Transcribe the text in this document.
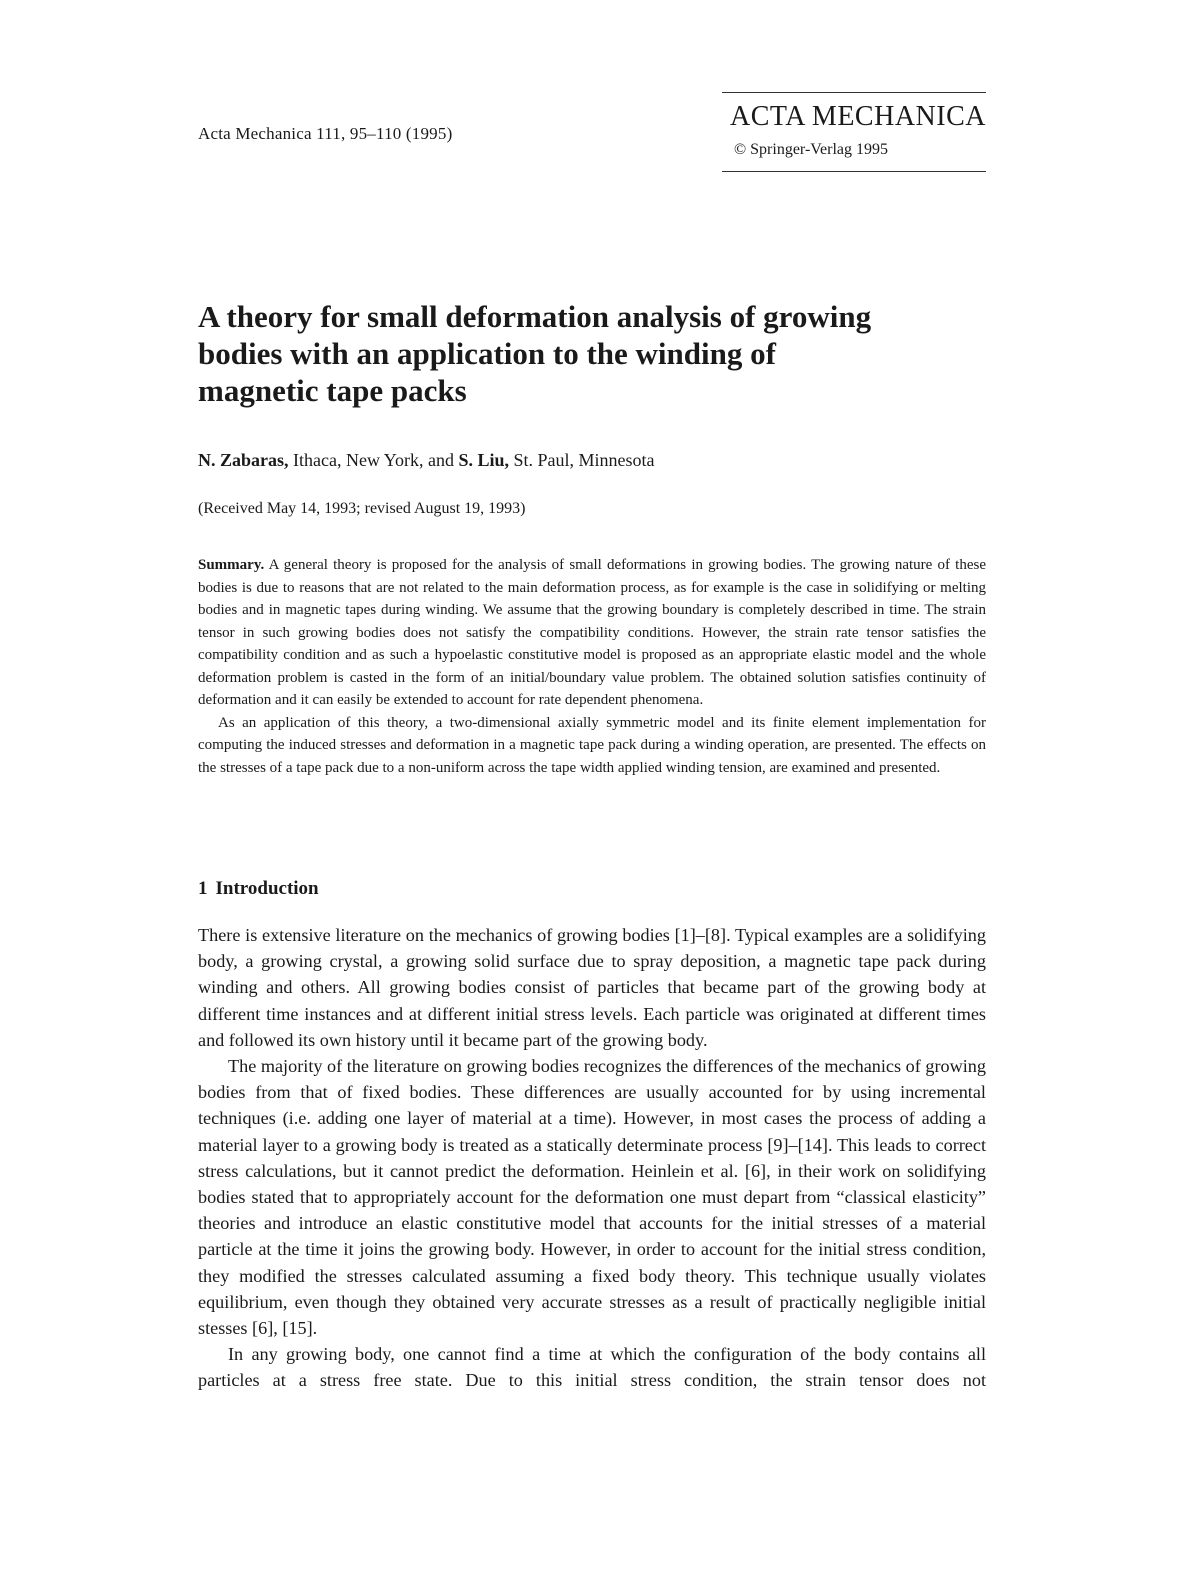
Acta Mechanica 111, 95–110 (1995)
ACTA MECHANICA
© Springer-Verlag 1995
A theory for small deformation analysis of growing bodies with an application to the winding of magnetic tape packs
N. Zabaras, Ithaca, New York, and S. Liu, St. Paul, Minnesota
(Received May 14, 1993; revised August 19, 1993)

Summary. A general theory is proposed for the analysis of small deformations in growing bodies. The growing nature of these bodies is due to reasons that are not related to the main deformation process, as for example is the case in solidifying or melting bodies and in magnetic tapes during winding. We assume that the growing boundary is completely described in time. The strain tensor in such growing bodies does not satisfy the compatibility conditions. However, the strain rate tensor satisfies the compatibility condition and as such a hypoelastic constitutive model is proposed as an appropriate elastic model and the whole deformation problem is casted in the form of an initial/boundary value problem. The obtained solution satisfies continuity of deformation and it can easily be extended to account for rate dependent phenomena.

As an application of this theory, a two-dimensional axially symmetric model and its finite element implementation for computing the induced stresses and deformation in a magnetic tape pack during a winding operation, are presented. The effects on the stresses of a tape pack due to a non-uniform across the tape width applied winding tension, are examined and presented.

1 Introduction

There is extensive literature on the mechanics of growing bodies [1]–[8]. Typical examples are a solidifying body, a growing crystal, a growing solid surface due to spray deposition, a magnetic tape pack during winding and others. All growing bodies consist of particles that became part of the growing body at different time instances and at different initial stress levels. Each particle was originated at different times and followed its own history until it became part of the growing body.

The majority of the literature on growing bodies recognizes the differences of the mechanics of growing bodies from that of fixed bodies. These differences are usually accounted for by using incremental techniques (i.e. adding one layer of material at a time). However, in most cases the process of adding a material layer to a growing body is treated as a statically determinate process [9]–[14]. This leads to correct stress calculations, but it cannot predict the deformation. Heinlein et al. [6], in their work on solidifying bodies stated that to appropriately account for the deformation one must depart from “classical elasticity” theories and introduce an elastic constitutive model that accounts for the initial stresses of a material particle at the time it joins the growing body. However, in order to account for the initial stress condition, they modified the stresses calculated assuming a fixed body theory. This technique usually violates equilibrium, even though they obtained very accurate stresses as a result of practically negligible initial stesses [6], [15].

In any growing body, one cannot find a time at which the configuration of the body contains all particles at a stress free state. Due to this initial stress condition, the strain tensor does not
